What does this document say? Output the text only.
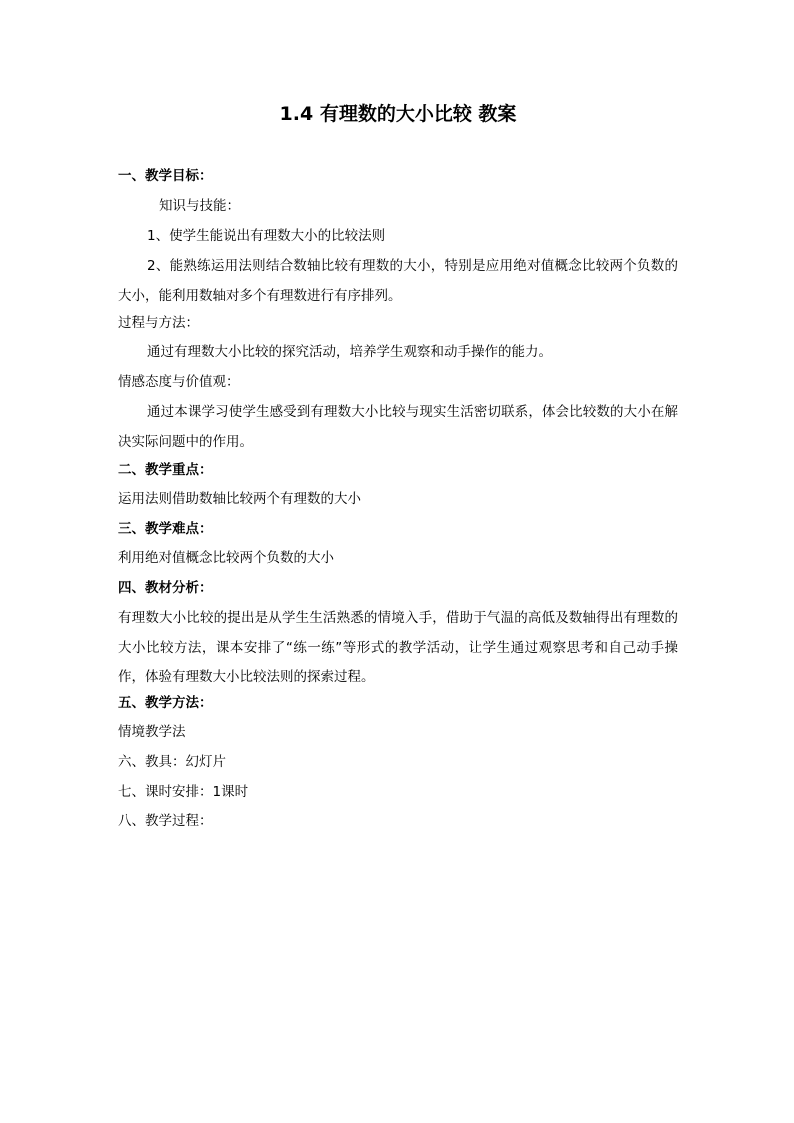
1.4 有理数的大小比较 教案

一、教学目标：

知识与技能：

1、使学生能说出有理数大小的比较法则

2、能熟练运用法则结合数轴比较有理数的大小，特别是应用绝对值概念比较两个负数的大小，能利用数轴对多个有理数进行有序排列。

过程与方法：

通过有理数大小比较的探究活动，培养学生观察和动手操作的能力。

情感态度与价值观：

通过本课学习使学生感受到有理数大小比较与现实生活密切联系，体会比较数的大小在解决实际问题中的作用。

二、教学重点：

运用法则借助数轴比较两个有理数的大小

三、教学难点：

利用绝对值概念比较两个负数的大小

四、教材分析：

有理数大小比较的提出是从学生生活熟悉的情境入手，借助于气温的高低及数轴得出有理数的大小比较方法，课本安排了“练一练”等形式的教学活动，让学生通过观察思考和自己动手操作，体验有理数大小比较法则的探索过程。

五、教学方法：

情境教学法

六、教具：幻灯片

七、课时安排：1课时

八、教学过程：
